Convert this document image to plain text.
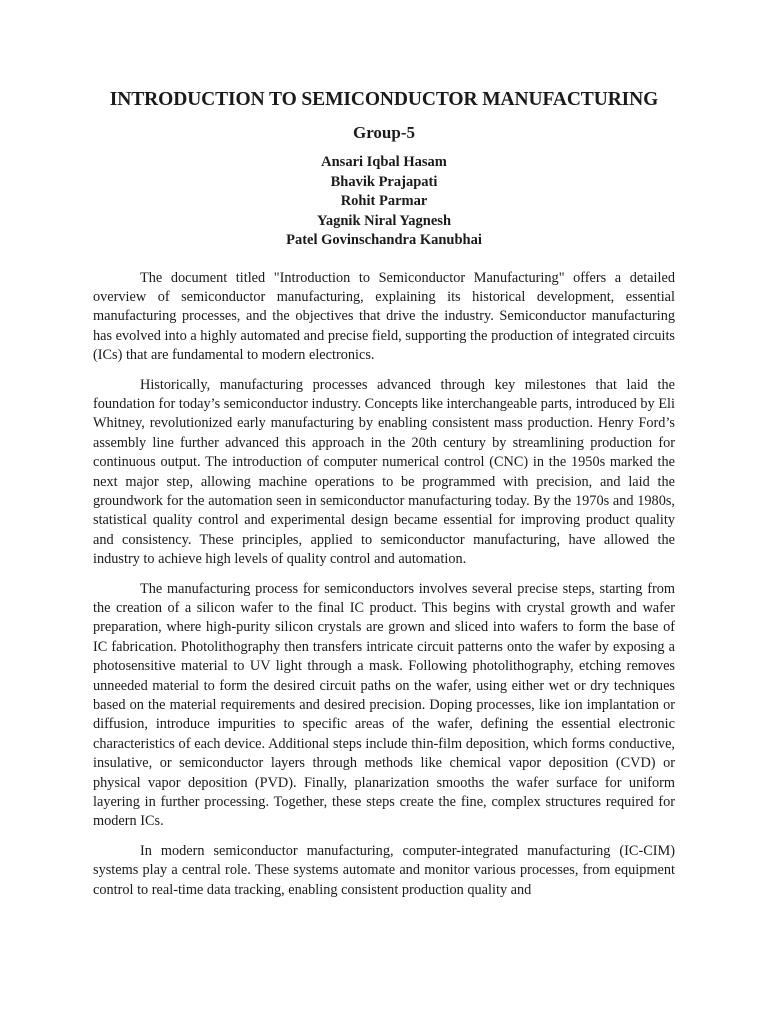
INTRODUCTION TO SEMICONDUCTOR MANUFACTURING
Group-5
Ansari Iqbal Hasam
Bhavik Prajapati
Rohit Parmar
Yagnik Niral Yagnesh
Patel Govinschandra Kanubhai

The document titled "Introduction to Semiconductor Manufacturing" offers a detailed overview of semiconductor manufacturing, explaining its historical development, essential manufacturing processes, and the objectives that drive the industry. Semiconductor manufacturing has evolved into a highly automated and precise field, supporting the production of integrated circuits (ICs) that are fundamental to modern electronics.

Historically, manufacturing processes advanced through key milestones that laid the foundation for today’s semiconductor industry. Concepts like interchangeable parts, introduced by Eli Whitney, revolutionized early manufacturing by enabling consistent mass production. Henry Ford’s assembly line further advanced this approach in the 20th century by streamlining production for continuous output. The introduction of computer numerical control (CNC) in the 1950s marked the next major step, allowing machine operations to be programmed with precision, and laid the groundwork for the automation seen in semiconductor manufacturing today. By the 1970s and 1980s, statistical quality control and experimental design became essential for improving product quality and consistency. These principles, applied to semiconductor manufacturing, have allowed the industry to achieve high levels of quality control and automation.

The manufacturing process for semiconductors involves several precise steps, starting from the creation of a silicon wafer to the final IC product. This begins with crystal growth and wafer preparation, where high-purity silicon crystals are grown and sliced into wafers to form the base of IC fabrication. Photolithography then transfers intricate circuit patterns onto the wafer by exposing a photosensitive material to UV light through a mask. Following photolithography, etching removes unneeded material to form the desired circuit paths on the wafer, using either wet or dry techniques based on the material requirements and desired precision. Doping processes, like ion implantation or diffusion, introduce impurities to specific areas of the wafer, defining the essential electronic characteristics of each device. Additional steps include thin-film deposition, which forms conductive, insulative, or semiconductor layers through methods like chemical vapor deposition (CVD) or physical vapor deposition (PVD). Finally, planarization smooths the wafer surface for uniform layering in further processing. Together, these steps create the fine, complex structures required for modern ICs.

In modern semiconductor manufacturing, computer-integrated manufacturing (IC-CIM) systems play a central role. These systems automate and monitor various processes, from equipment control to real-time data tracking, enabling consistent production quality and
